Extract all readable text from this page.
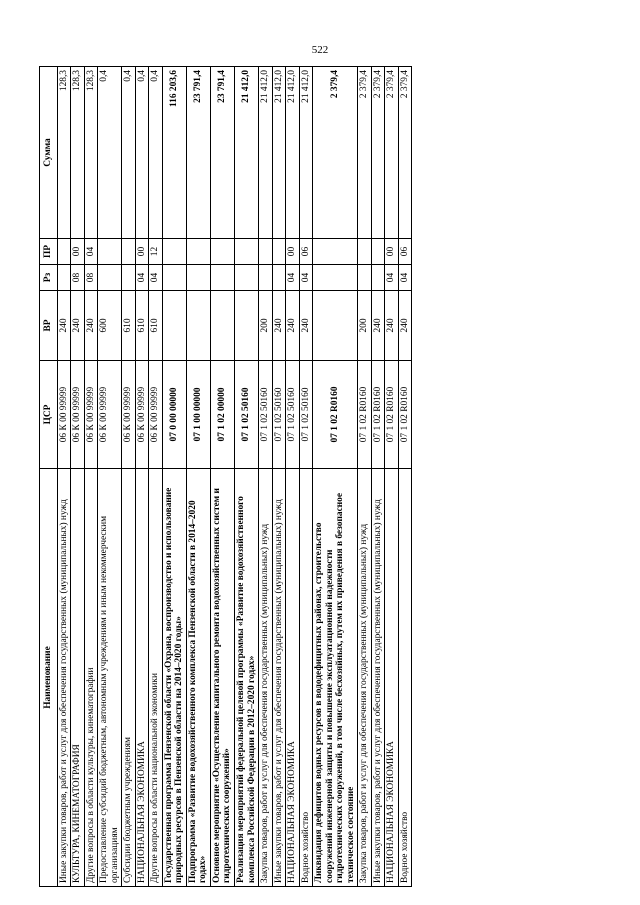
522
Наименование	ЦСР	ВР	Рз	ПР	Сумма
Иные закупки товаров, работ и услуг для обеспечения государственных (муниципальных) нужд	06 К 00 99999	240			128,3
КУЛЬТУРА, КИНЕМАТОГРАФИЯ	06 К 00 99999	240	08	00	128,3
Другие вопросы в области культуры, кинематографии	06 К 00 99999	240	08	04	128,3
Предоставление субсидий бюджетным, автономным учреждениям и иным некоммерческим организациям	06 К 00 99999	600			0,4
Субсидии бюджетным учреждениям	06 К 00 99999	610			0,4
НАЦИОНАЛЬНАЯ ЭКОНОМИКА	06 К 00 99999	610	04	00	0,4
Другие вопросы в области национальной экономики	06 К 00 99999	610	04	12	0,4
Государственная программа Пензенской области «Охрана, воспроизводство и использование природных ресурсов в Пензенской области на 2014–2020 годы»	07 0 00 00000				116 203,6
Подпрограмма «Развитие водохозяйственного комплекса Пензенской области в 2014–2020 годах»	07 1 00 00000				23 791,4
Основное мероприятие «Осуществление капитального ремонта водохозяйственных систем и гидротехнических сооружений»	07 1 02 00000				23 791,4
Реализация мероприятий федеральной целевой программы «Развитие водохозяйственного комплекса Российской Федерации в 2012–2020 годах»	07 1 02 50160				21 412,0
Закупка товаров, работ и услуг для обеспечения государственных (муниципальных) нужд	07 1 02 50160	200			21 412,0
Иные закупки товаров, работ и услуг для обеспечения государственных (муниципальных) нужд	07 1 02 50160	240			21 412,0
НАЦИОНАЛЬНАЯ ЭКОНОМИКА	07 1 02 50160	240	04	00	21 412,0
Водное хозяйство	07 1 02 50160	240	04	06	21 412,0
Ликвидация дефицитов водных ресурсов в вододефицитных районах, строительство сооружений инженерной защиты и повышение эксплуатационной надежности гидротехнических сооружений, в том числе бесхозяйных, путем их приведения в безопасное техническое состояние	07 1 02 R0160				2 379,4
Закупка товаров, работ и услуг для обеспечения государственных (муниципальных) нужд	07 1 02 R0160	200			2 379,4
Иные закупки товаров, работ и услуг для обеспечения государственных (муниципальных) нужд	07 1 02 R0160	240			2 379,4
НАЦИОНАЛЬНАЯ ЭКОНОМИКА	07 1 02 R0160	240	04	00	2 379,4
Водное хозяйство	07 1 02 R0160	240	04	06	2 379,4
